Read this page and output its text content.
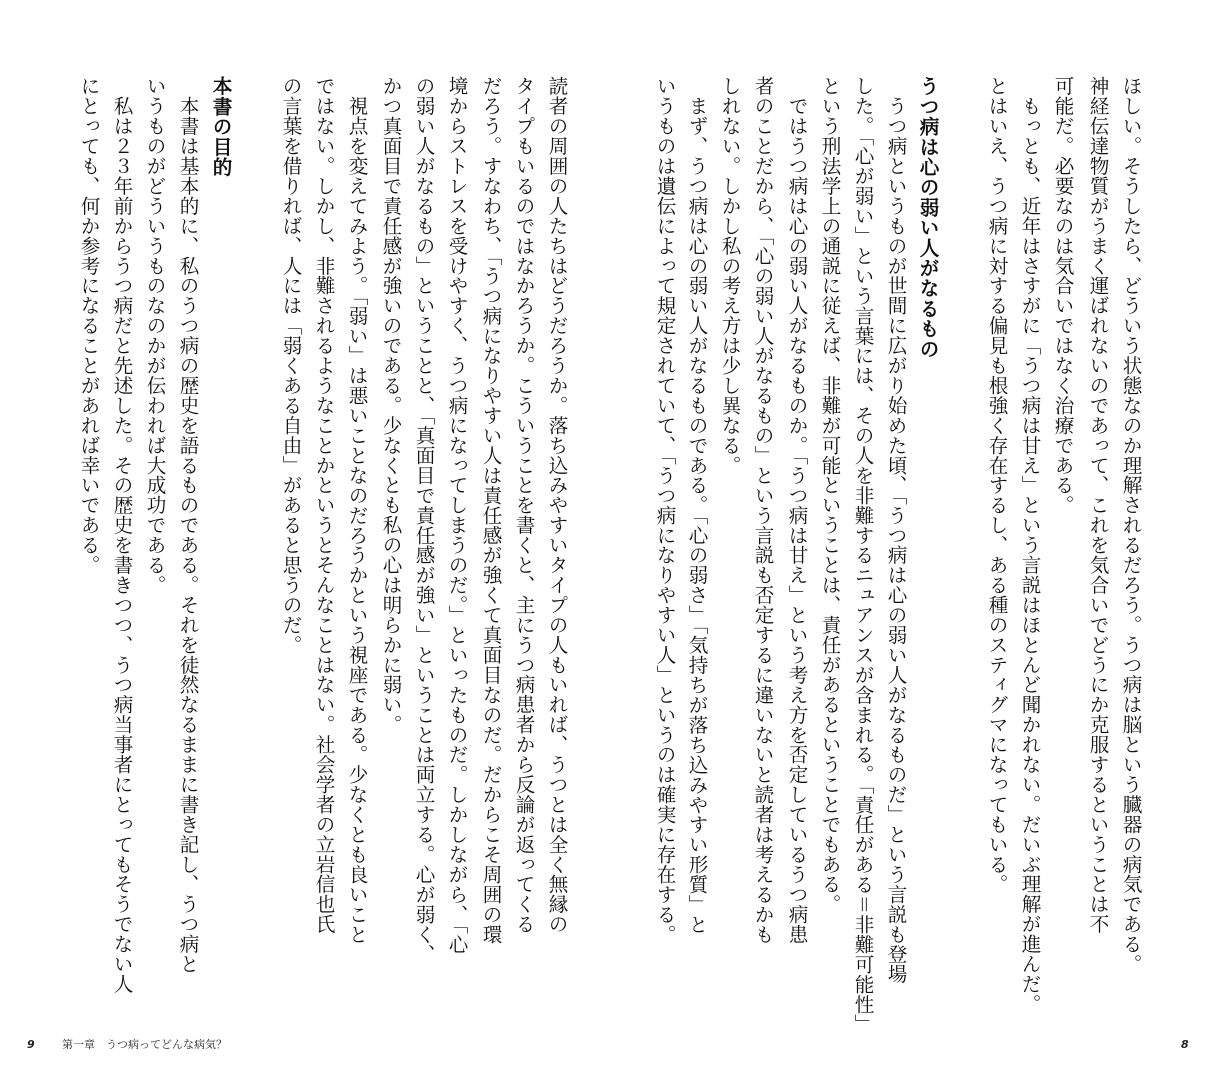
ほしい。そうしたら、どういう状態なのか理解されるだろう。うつ病は脳という臓器の病気である。
神経伝達物質がうまく運ばれないのであって、これを気合いでどうにか克服するということは不
可能だ。必要なのは気合いではなく治療である。
　もっとも、近年はさすがに「うつ病は甘え」という言説はほとんど聞かれない。だいぶ理解が進んだ。
とはいえ、うつ病に対する偏見も根強く存在するし、ある種のスティグマになってもいる。
うつ病は心の弱い人がなるもの
　うつ病というものが世間に広がり始めた頃、「うつ病は心の弱い人がなるものだ」という言説も登場
した。「心が弱い」という言葉には、その人を非難するニュアンスが含まれる。「責任がある＝非難可能性」
という刑法学上の通説に従えば、非難が可能ということは、責任があるということでもある。
　ではうつ病は心の弱い人がなるものか。「うつ病は甘え」という考え方を否定しているうつ病患
者のことだから、「心の弱い人がなるもの」という言説も否定するに違いないと読者は考えるかも
しれない。しかし私の考え方は少し異なる。
　まず、うつ病は心の弱い人がなるものである。「心の弱さ」「気持ちが落ち込みやすい形質」と
いうものは遺伝によって規定されていて、「うつ病になりやすい人」というのは確実に存在する。
読者の周囲の人たちはどうだろうか。落ち込みやすいタイプの人もいれば、うつとは全く無縁の
タイプもいるのではなかろうか。こういうことを書くと、主にうつ病患者から反論が返ってくる
だろう。すなわち、「うつ病になりやすい人は責任感が強くて真面目なのだ。だからこそ周囲の環
境からストレスを受けやすく、うつ病になってしまうのだ。」といったものだ。しかしながら、「心
の弱い人がなるもの」ということと、「真面目で責任感が強い」ということは両立する。心が弱く、
かつ真面目で責任感が強いのである。少なくとも私の心は明らかに弱い。
　視点を変えてみよう。「弱い」は悪いことなのだろうかという視座である。少なくとも良いこと
ではない。しかし、非難されるようなことかというとそんなことはない。社会学者の立岩信也氏
の言葉を借りれば、人には「弱くある自由」があると思うのだ。
本書の目的
　本書は基本的に、私のうつ病の歴史を語るものである。それを徒然なるままに書き記し、うつ病と
いうものがどういうものなのかが伝われば大成功である。
　私は２３年前からうつ病だと先述した。その歴史を書きつつ、うつ病当事者にとってもそうでない人
にとっても、何か参考になることがあれば幸いである。
9 第一章　うつ病ってどんな病気？	8
